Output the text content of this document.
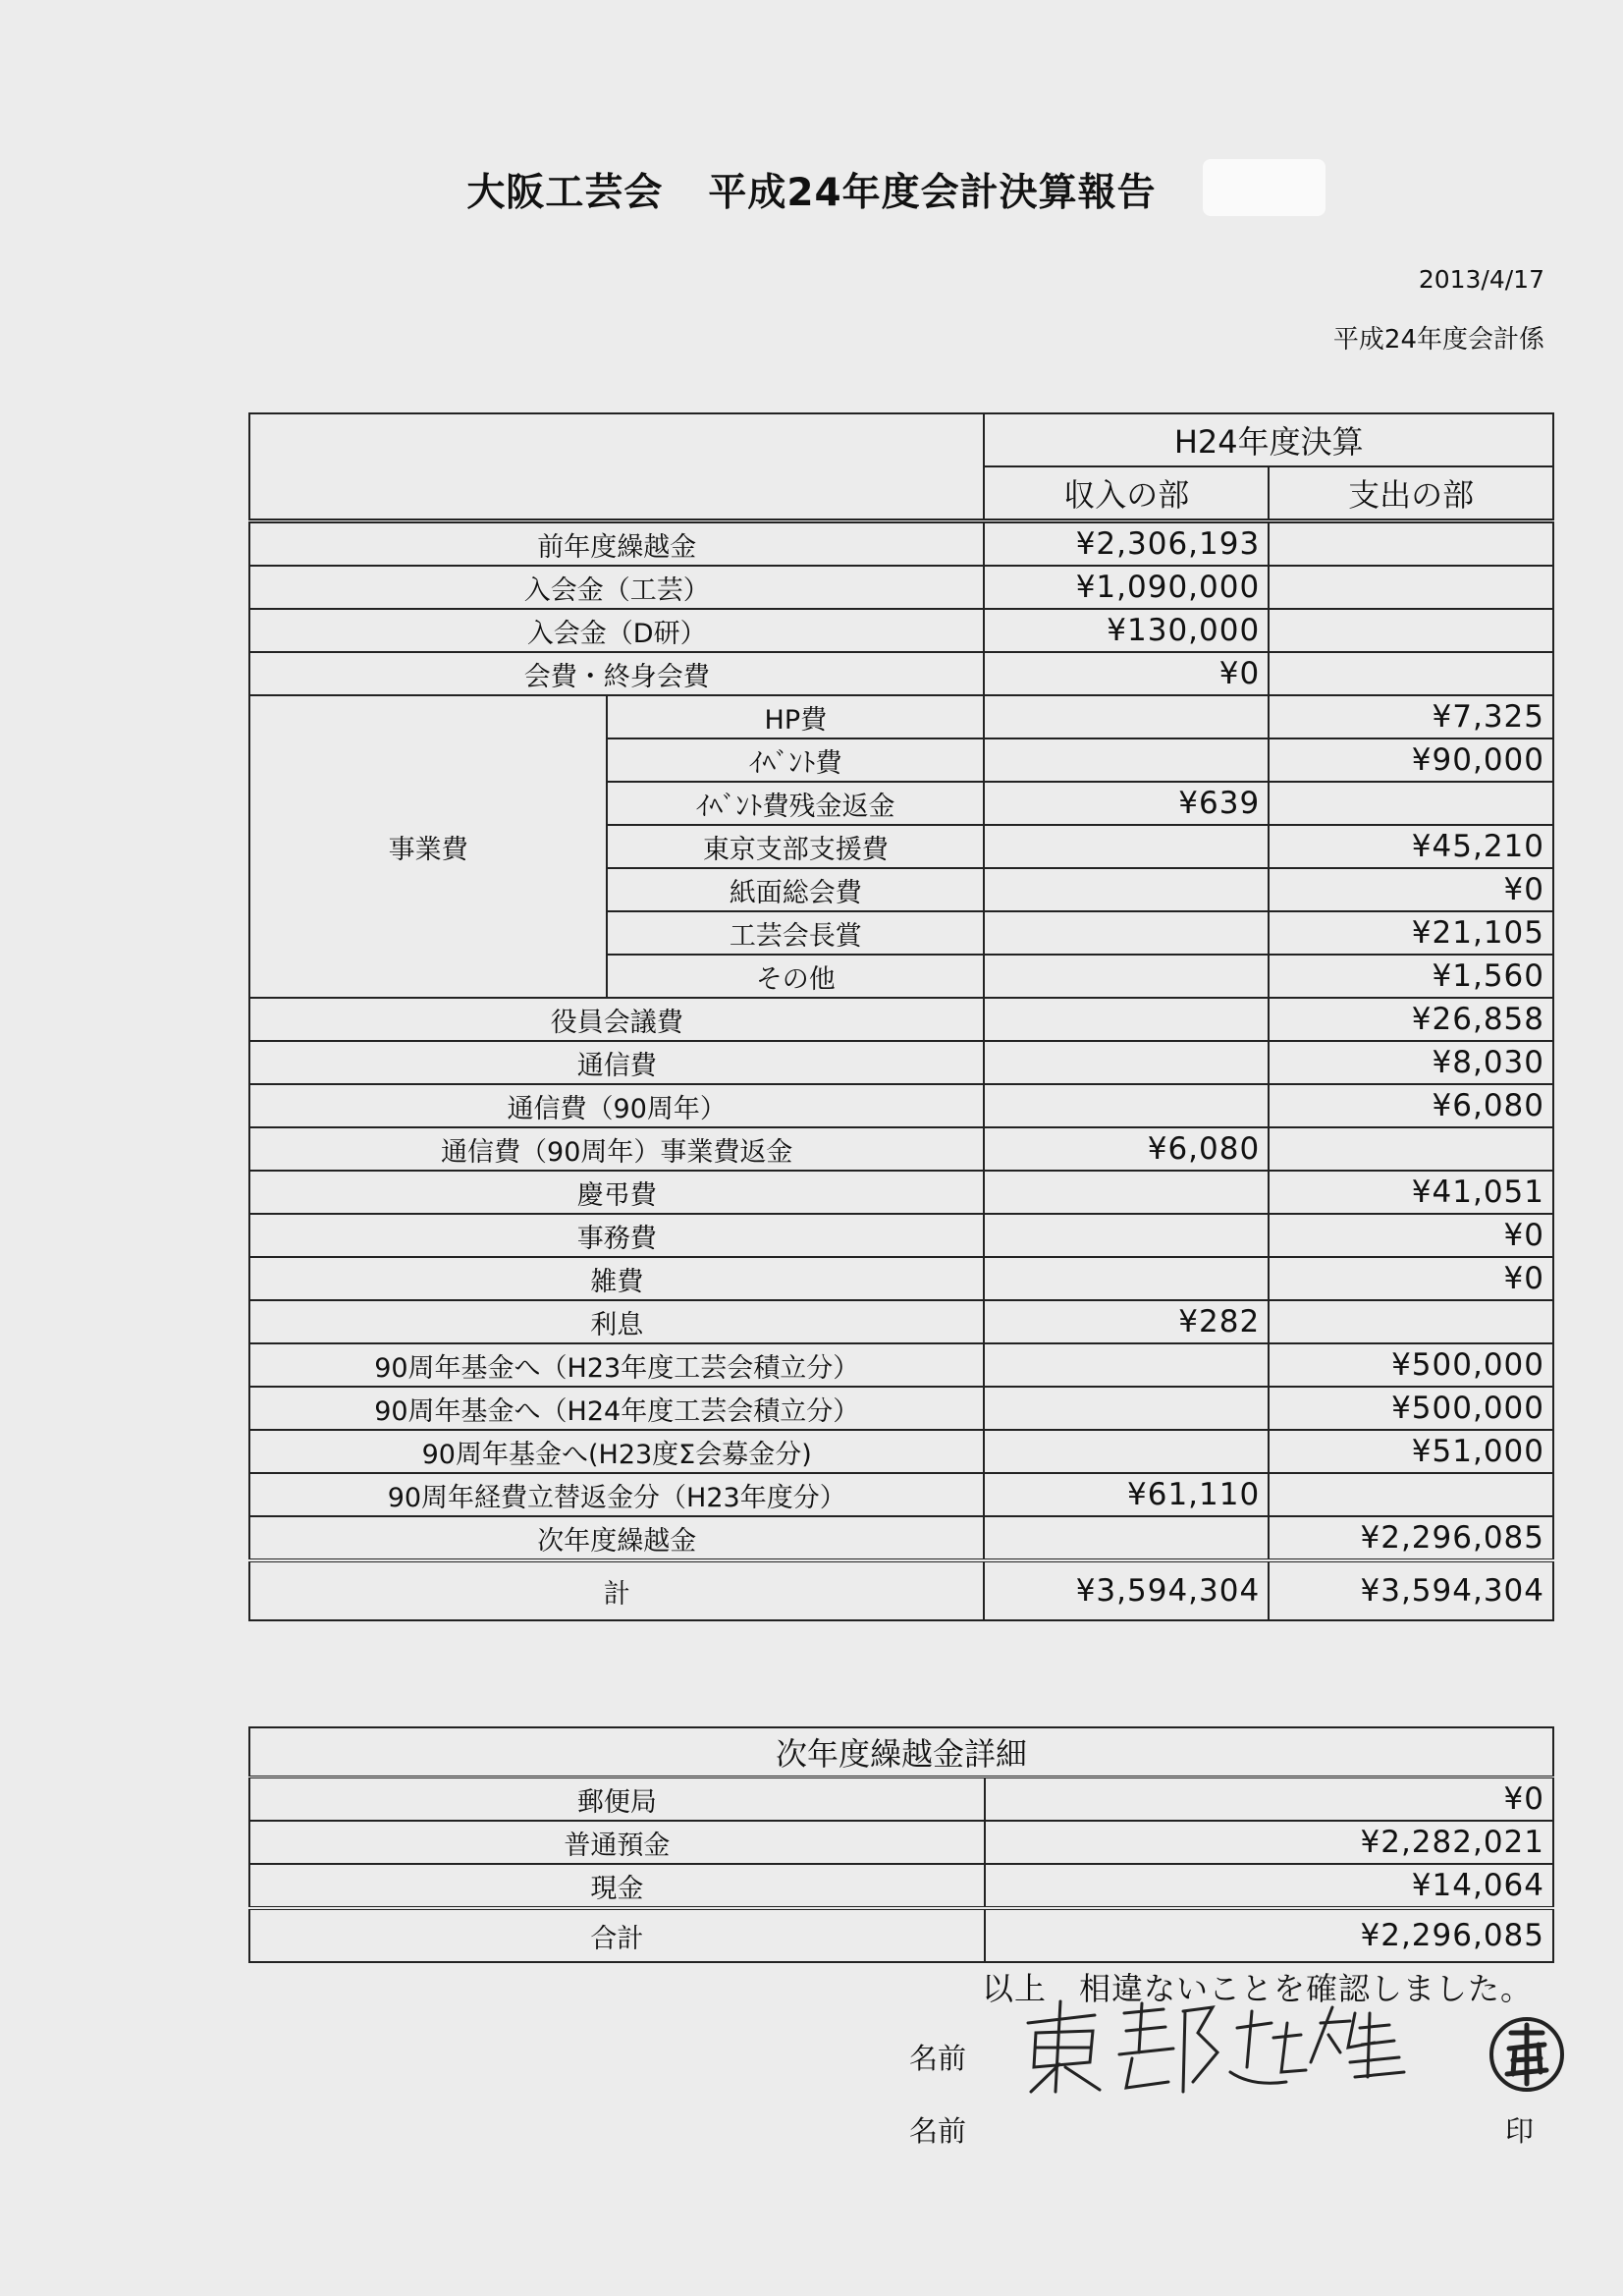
大阪工芸会 平成24年度会計決算報告
2013/4/17
平成24年度会計係
		H24年度決算	
		収入の部	支出の部
前年度繰越金		¥2,306,193	
入会金（工芸）		¥1,090,000	
入会金（D研）		¥130,000	
会費・終身会費		¥0	
事業費	HP費		¥7,325
	ｲﾍﾞﾝﾄ費		¥90,000
	ｲﾍﾞﾝﾄ費残金返金	¥639	
	東京支部支援費		¥45,210
	紙面総会費		¥0
	工芸会長賞		¥21,105
	その他		¥1,560
役員会議費			¥26,858
通信費			¥8,030
通信費（90周年）			¥6,080
通信費（90周年）事業費返金		¥6,080	
慶弔費			¥41,051
事務費			¥0
雑費			¥0
利息		¥282	
90周年基金へ（H23年度工芸会積立分）			¥500,000
90周年基金へ（H24年度工芸会積立分）			¥500,000
90周年基金へ(H23度Σ会募金分)			¥51,000
90周年経費立替返金分（H23年度分）		¥61,110	
次年度繰越金			¥2,296,085
計		¥3,594,304	¥3,594,304
次年度繰越金詳細	
郵便局	¥0
普通預金	¥2,282,021
現金	¥14,064
合計	¥2,296,085
以上　相違ないことを確認しました。
名前
名前	印
